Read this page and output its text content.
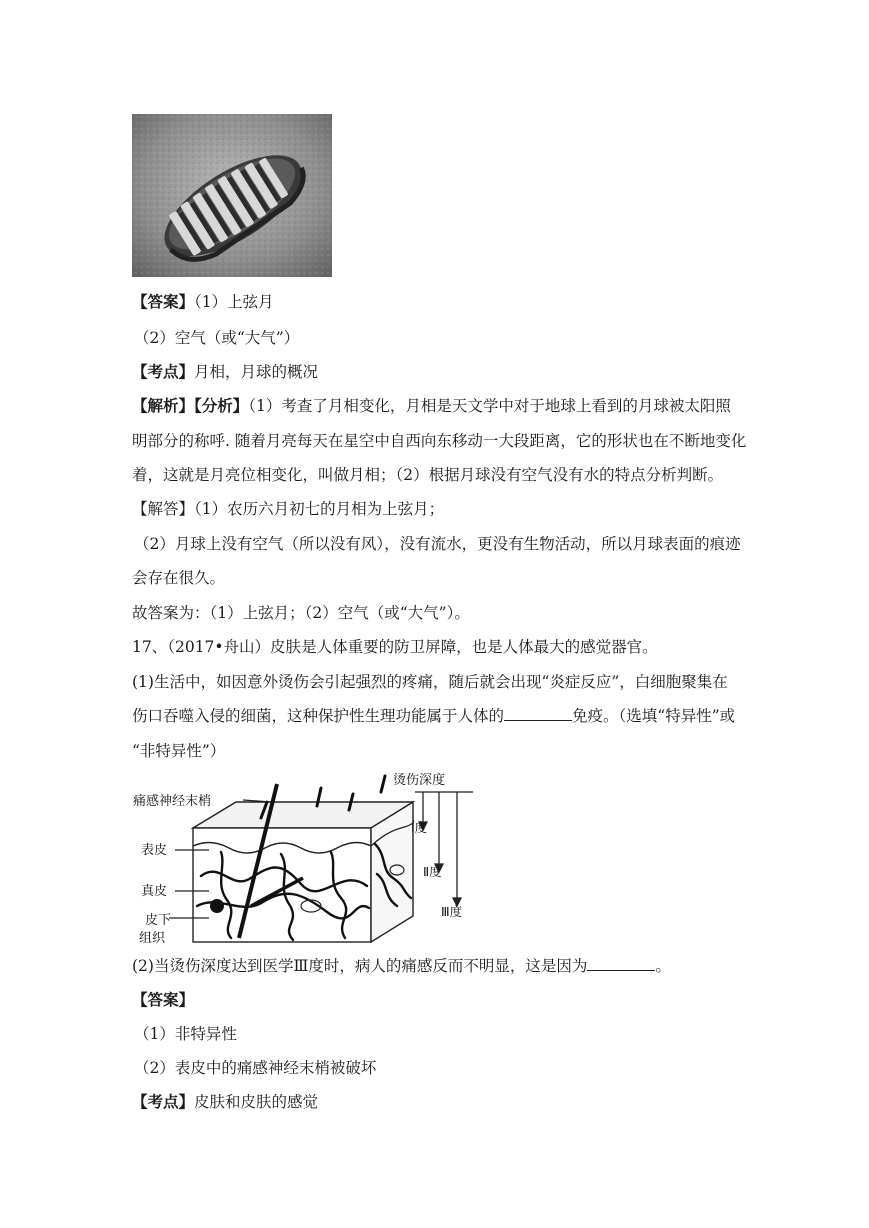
【答案】（1）上弦月
（2）空气（或“大气”）
【考点】月相，月球的概况
【解析】【分析】（1）考查了月相变化，月相是天文学中对于地球上看到的月球被太阳照
明部分的称呼. 随着月亮每天在星空中自西向东移动一大段距离，它的形状也在不断地变化
着，这就是月亮位相变化，叫做月相；（2）根据月球没有空气没有水的特点分析判断。
【解答】（1）农历六月初七的月相为上弦月；
（2）月球上没有空气（所以没有风），没有流水，更没有生物活动，所以月球表面的痕迹
会存在很久。
故答案为：（1）上弦月；（2）空气（或“大气”）。
17、（2017•舟山）皮肤是人体重要的防卫屏障，也是人体最大的感觉器官。
(1)生活中，如因意外烫伤会引起强烈的疼痛，随后就会出现“炎症反应”，白细胞聚集在
伤口吞噬入侵的细菌，这种保护性生理功能属于人体的	免疫。（选填“特异性”或
“非特异性”）
痛感神经末梢
表皮
真皮
皮下
组织
烫伤深度
Ⅰ度
Ⅱ度
Ⅲ度
(2)当烫伤深度达到医学Ⅲ度时，病人的痛感反而不明显，这是因为	。
【答案】
（1）非特异性
（2）表皮中的痛感神经末梢被破坏
【考点】皮肤和皮肤的感觉
